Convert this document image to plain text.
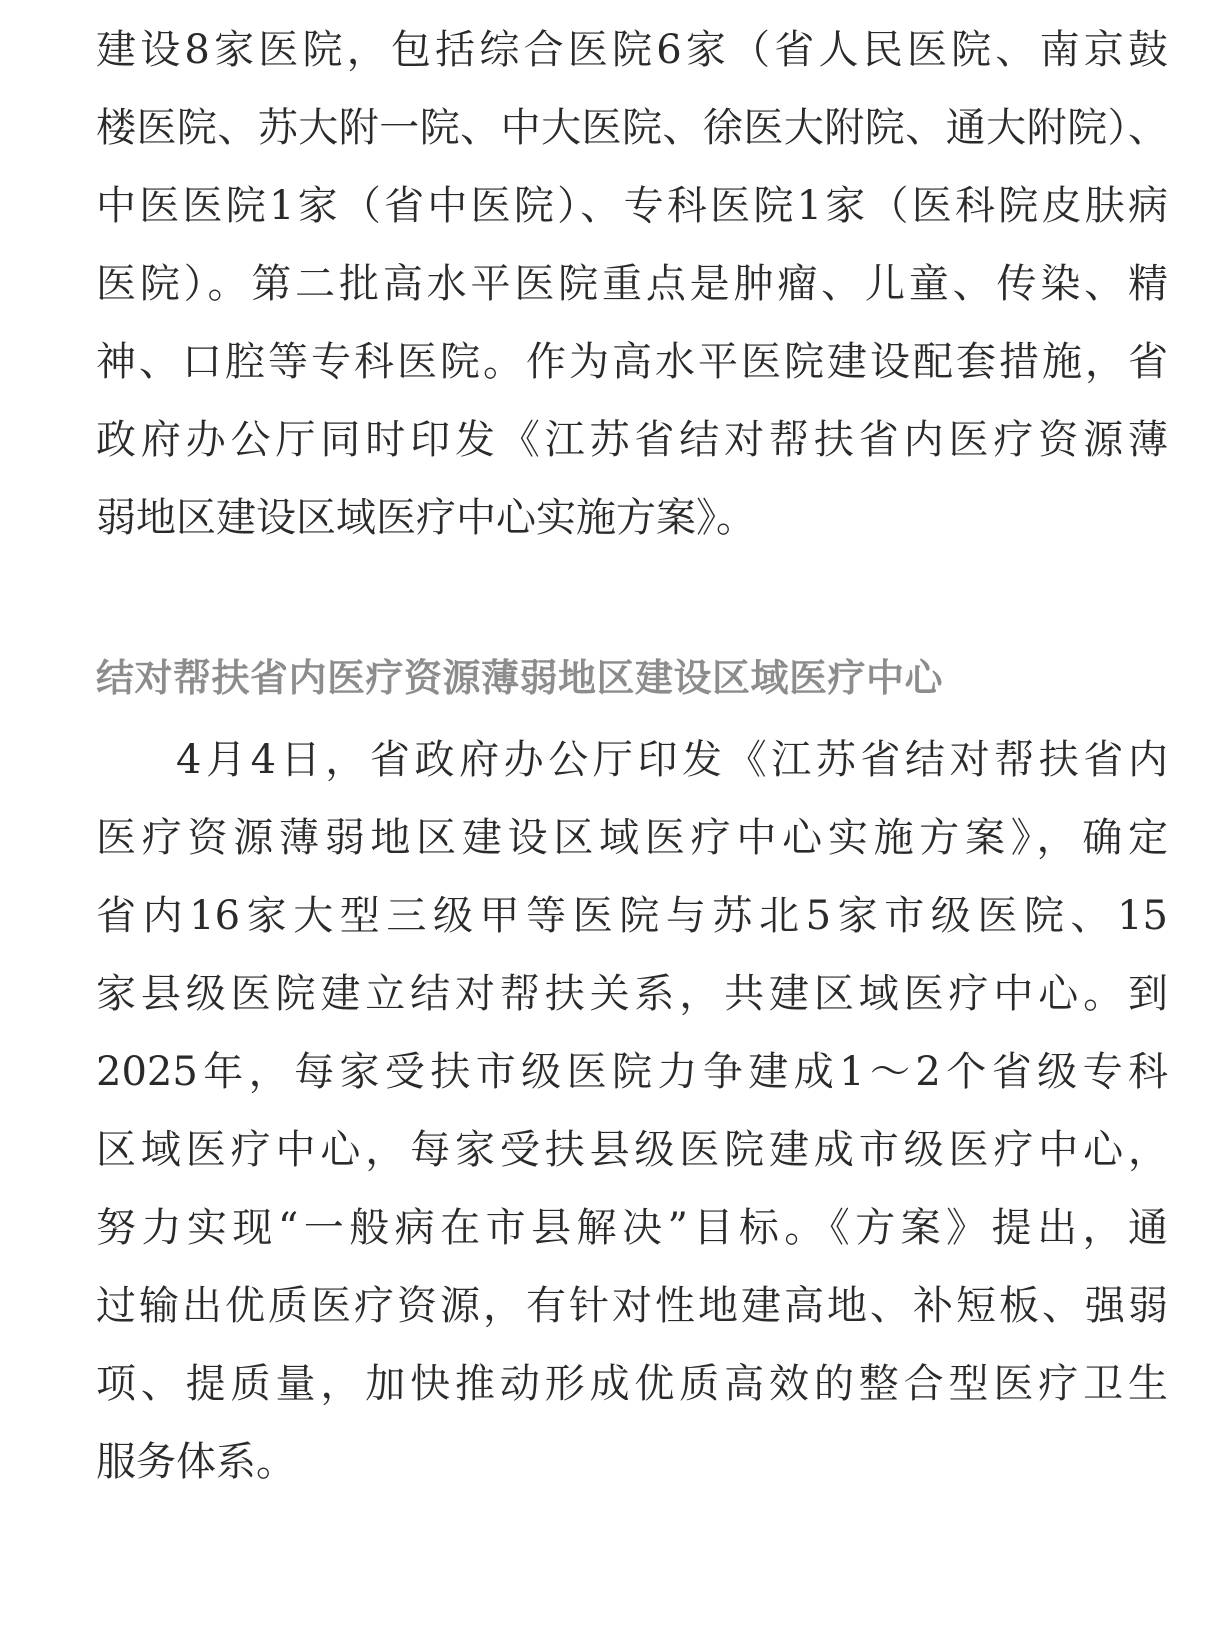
建设8家医院，包括综合医院6家（省人民医院、南京鼓
楼医院、苏大附一院、中大医院、徐医大附院、通大附院）、
中医医院1家（省中医院）、专科医院1家（医科院皮肤病
医院）。第二批高水平医院重点是肿瘤、儿童、传染、精
神、口腔等专科医院。作为高水平医院建设配套措施，省
政府办公厅同时印发《江苏省结对帮扶省内医疗资源薄
弱地区建设区域医疗中心实施方案》。
结对帮扶省内医疗资源薄弱地区建设区域医疗中心
4月4日，省政府办公厅印发《江苏省结对帮扶省内
医疗资源薄弱地区建设区域医疗中心实施方案》，确定
省内16家大型三级甲等医院与苏北5家市级医院、15
家县级医院建立结对帮扶关系，共建区域医疗中心。到
2025年，每家受扶市级医院力争建成1～2个省级专科
区域医疗中心，每家受扶县级医院建成市级医疗中心，
努力实现“一般病在市县解决”目标。《方案》提出，通
过输出优质医疗资源，有针对性地建高地、补短板、强弱
项、提质量，加快推动形成优质高效的整合型医疗卫生
服务体系。
